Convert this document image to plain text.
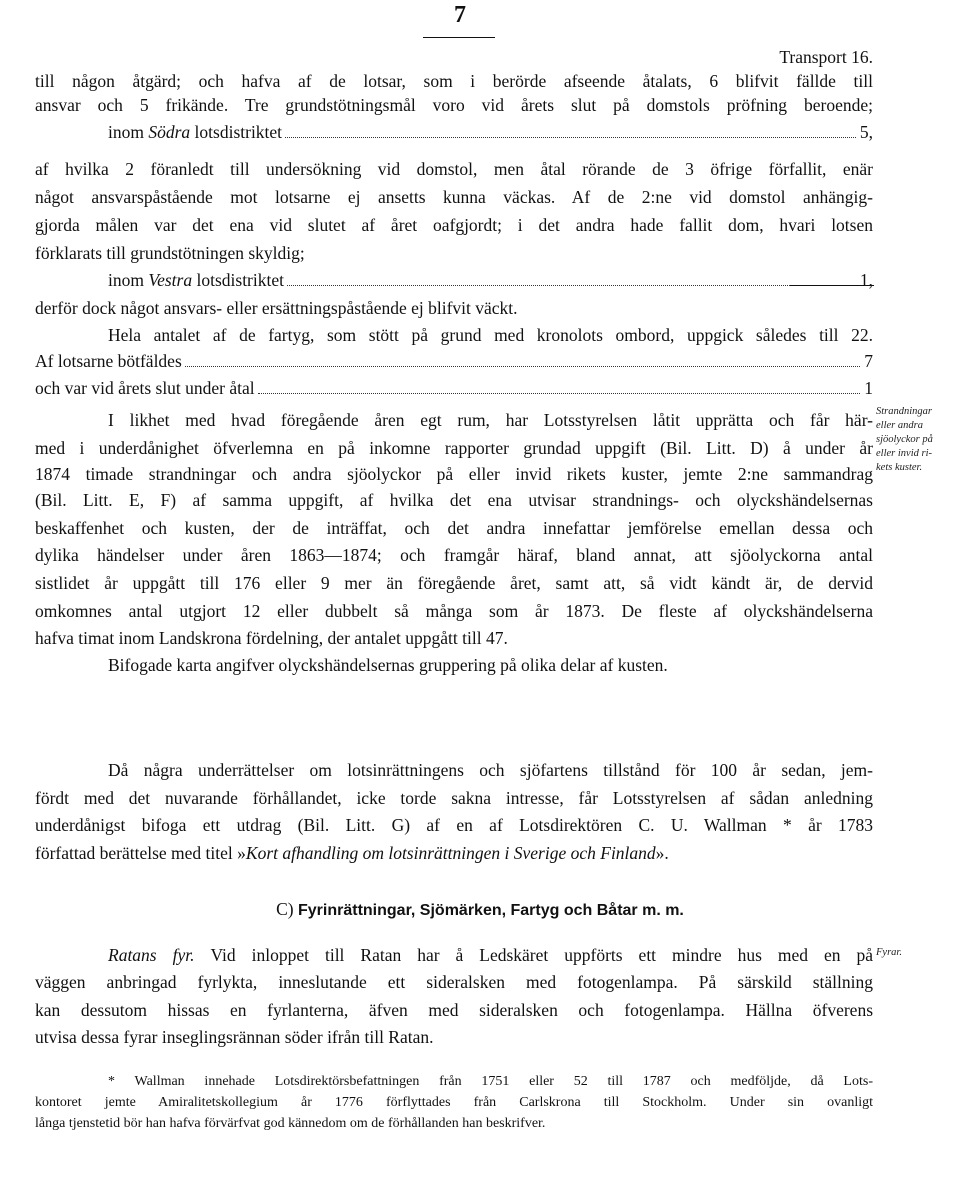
7
Transport 16.
till någon åtgärd; och hafva af de lotsar, som i berörde afseende åtalats, 6 blifvit fällde till
ansvar och 5 frikände. Tre grundstötningsmål voro vid årets slut på domstols pröfning beroende;
inom
Södra
lotsdistriktet	5,
af hvilka 2 föranledt till undersökning vid domstol, men åtal rörande de 3 öfrige förfallit, enär
något ansvarspåstående mot lotsarne ej ansetts kunna väckas. Af de 2:ne vid domstol anhängig-
gjorda målen var det ena vid slutet af året oafgjordt; i det andra hade fallit dom, hvari lotsen
förklarats till grundstötningen skyldig;
inom
Vestra
lotsdistriktet	1,
derför dock något ansvars- eller ersättningspåstående ej blifvit väckt.
Hela antalet af de fartyg, som stött på grund med kronolots ombord, uppgick således till 22.
Af lotsarne bötfäldes	7
och var vid årets slut under åtal	1
I likhet med hvad föregående åren egt rum, har Lotsstyrelsen låtit upprätta och får här-
med i underdånighet öfverlemna en på inkomne rapporter grundad uppgift (Bil. Litt. D) å under år
1874 timade strandningar och andra sjöolyckor på eller invid rikets kuster, jemte 2:ne sammandrag
(Bil. Litt. E, F) af samma uppgift, af hvilka det ena utvisar strandnings- och olyckshändelsernas
beskaffenhet och kusten, der de inträffat, och det andra innefattar jemförelse emellan dessa och
dylika händelser under åren 1863—1874; och framgår häraf, bland annat, att sjöolyckorna antal
sistlidet år uppgått till 176 eller 9 mer än föregående året, samt att, så vidt kändt är, de dervid
omkomnes antal utgjort 12 eller dubbelt så många som år 1873. De fleste af olyckshändelserna
hafva timat inom Landskrona fördelning, der antalet uppgått till 47.
Bifogade karta angifver olyckshändelsernas gruppering på olika delar af kusten.
Strandningar
eller andra
sjöolyckor på
eller invid ri-
kets kuster.
Då några underrättelser om lotsinrättningens och sjöfartens tillstånd för 100 år sedan, jem-
fördt med det nuvarande förhållandet, icke torde sakna intresse, får Lotsstyrelsen af sådan anledning
underdånigst bifoga ett utdrag (Bil. Litt. G) af en af Lotsdirektören C. U. Wallman * år 1783
författad berättelse med titel »Kort afhandling om lotsinrättningen i Sverige och Finland».
C) Fyrinrättningar, Sjömärken, Fartyg och Båtar m. m.
Ratans fyr. Vid inloppet till Ratan har å Ledskäret uppförts ett mindre hus med en på
väggen anbringad fyrlykta, inneslutande ett sideralsken med fotogenlampa. På särskild ställning
kan dessutom hissas en fyrlanterna, äfven med sideralsken och fotogenlampa. Hällna öfverens
utvisa dessa fyrar inseglingsrännan söder ifrån till Ratan.
Fyrar.
* Wallman innehade Lotsdirektörsbefattningen från 1751 eller 52 till 1787 och medföljde, då Lots-
kontoret jemte Amiralitetskollegium år 1776 förflyttades från Carlskrona till Stockholm. Under sin ovanligt
långa tjenstetid bör han hafva förvärfvat god kännedom om de förhållanden han beskrifver.
